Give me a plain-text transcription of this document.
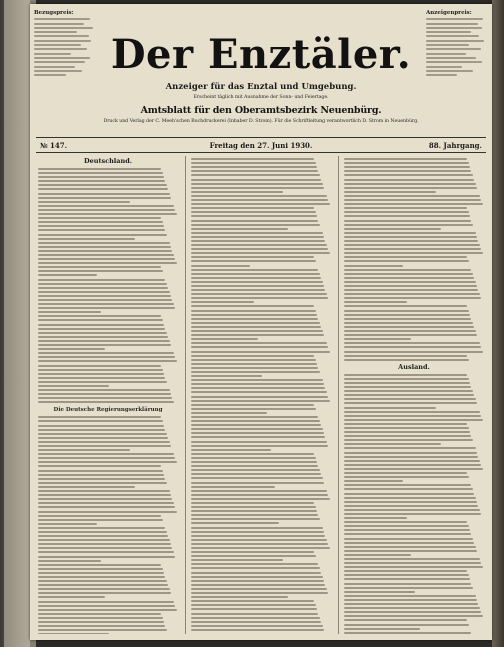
Bezugspreis:	Anzeigenpreis:
Der Enztäler.
Anzeiger für das Enztal und Umgebung.
Erscheint täglich mit Ausnahme der Sonn- und Feiertage.
Amtsblatt für den Oberamtsbezirk Neuenbürg.
Druck und Verlag der C. Meeh'schen Buchdruckerei (Inhaber D. Strom). Für die Schriftleitung verantwortlich D. Strom in Neuenbürg.
№ 147.	Freitag den 27. Juni 1930.	88. Jahrgang.
Deutschland.
Die Deutsche Regierungserklärung
Ausland.
